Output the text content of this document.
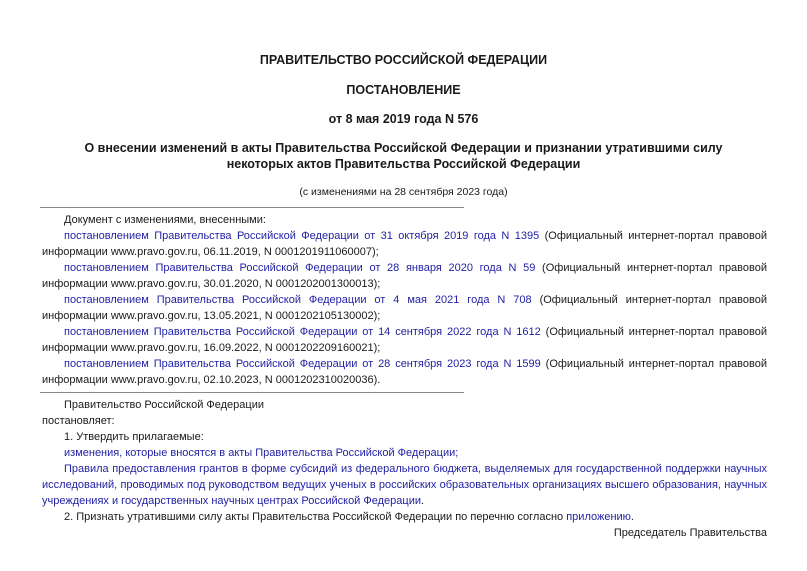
ПРАВИТЕЛЬСТВО РОССИЙСКОЙ ФЕДЕРАЦИИ
ПОСТАНОВЛЕНИЕ
от 8 мая 2019 года N 576
О внесении изменений в акты Правительства Российской Федерации и признании утратившими силу некоторых актов Правительства Российской Федерации
(с изменениями на 28 сентября 2023 года)
Документ с изменениями, внесенными:
постановлением Правительства Российской Федерации от 31 октября 2019 года N 1395 (Официальный интернет-портал правовой информации www.pravo.gov.ru, 06.11.2019, N 0001201911060007);
постановлением Правительства Российской Федерации от 28 января 2020 года N 59 (Официальный интернет-портал правовой информации www.pravo.gov.ru, 30.01.2020, N 0001202001300013);
постановлением Правительства Российской Федерации от 4 мая 2021 года N 708 (Официальный интернет-портал правовой информации www.pravo.gov.ru, 13.05.2021, N 0001202105130002);
постановлением Правительства Российской Федерации от 14 сентября 2022 года N 1612 (Официальный интернет-портал правовой информации www.pravo.gov.ru, 16.09.2022, N 0001202209160021);
постановлением Правительства Российской Федерации от 28 сентября 2023 года N 1599 (Официальный интернет-портал правовой информации www.pravo.gov.ru, 02.10.2023, N 0001202310020036).
Правительство Российской Федерации
постановляет:
1. Утвердить прилагаемые:
изменения, которые вносятся в акты Правительства Российской Федерации;
Правила предоставления грантов в форме субсидий из федерального бюджета, выделяемых для государственной поддержки научных исследований, проводимых под руководством ведущих ученых в российских образовательных организациях высшего образования, научных учреждениях и государственных научных центрах Российской Федерации.
2. Признать утратившими силу акты Правительства Российской Федерации по перечню согласно приложению.
Председатель Правительства
